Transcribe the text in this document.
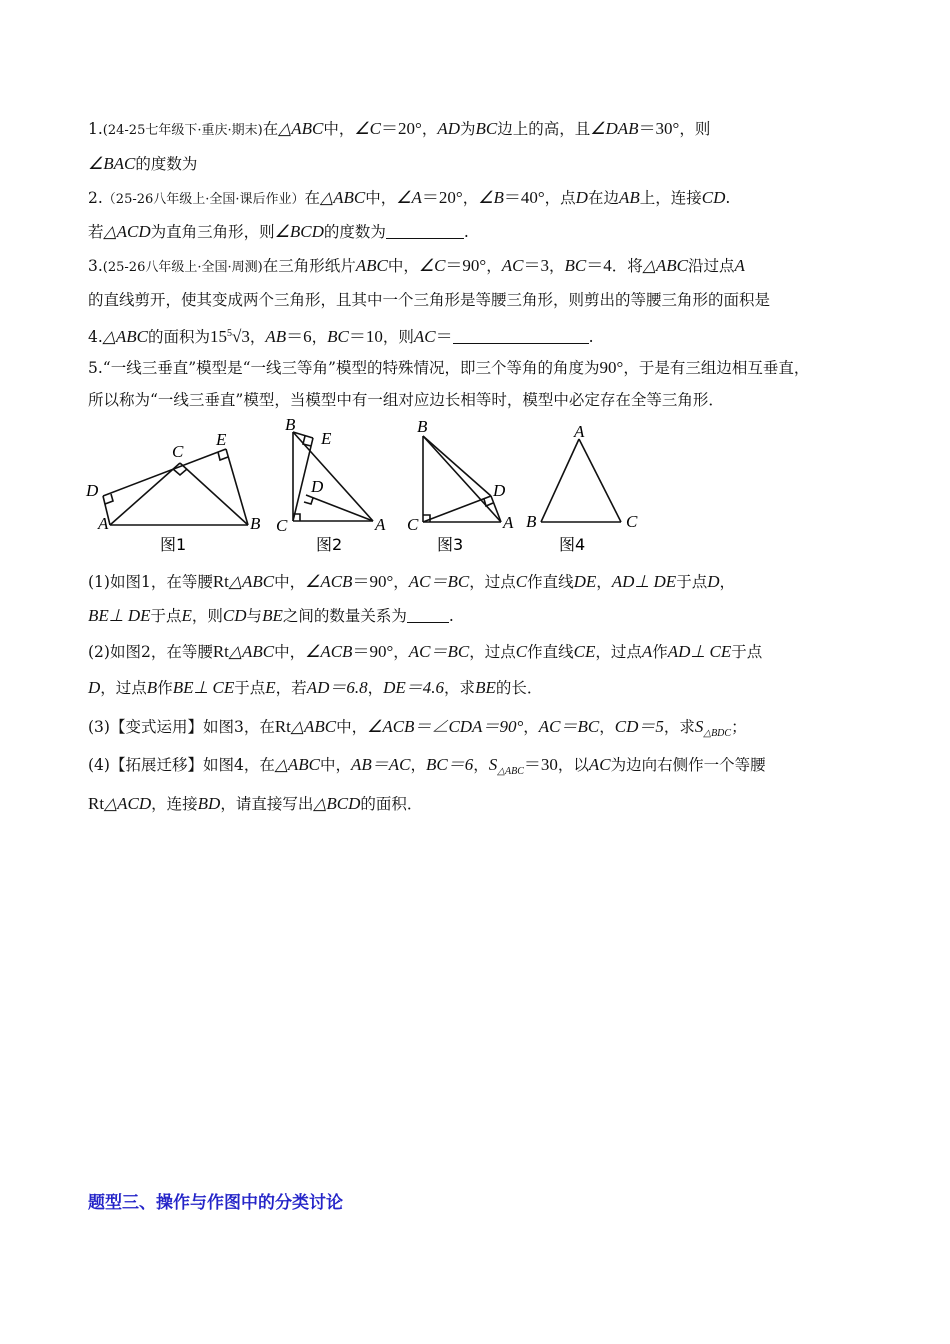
1.(24-25七年级下·重庆·期末)在△ABC中，∠C＝20°，AD为BC边上的高，且∠DAB＝30°，则
∠BAC的度数为
2.（25-26八年级上·全国·课后作业）在△ABC中，∠A＝20°，∠B＝40°，点D在边AB上，连接CD.
若△ACD为直角三角形，则∠BCD的度数为	.
3.(25-26八年级上·全国·周测)在三角形纸片ABC中，∠C＝90°，AC＝3，BC＝4．将△ABC沿过点A
的直线剪开，使其变成两个三角形，且其中一个三角形是等腰三角形，则剪出的等腰三角形的面积是
4.△ABC的面积为$15^5√3$，AB＝6，BC＝10，则AC＝	.
5.“一线三垂直”模型是“一线三等角”模型的特殊情况，即三个等角的角度为90°，于是有三组边相互垂直，
所以称为“一线三垂直”模型，当模型中有一组对应边长相等时，模型中必定存在全等三角形．
A	B
C
D
E
图1
B
E
D
C	A
图2
B
D
C	A
图3
A
B	C
图4
(1)如图1，在等腰Rt△ABC中，∠ACB＝90°，AC＝BC，过点C作直线DE，AD⊥ DE于点D，
BE⊥ DE于点E，则CD与BE之间的数量关系为	.
(2)如图2，在等腰Rt△ABC中，∠ACB＝90°，AC＝BC，过点C作直线CE，过点A作AD⊥ CE于点
D，过点B作BE⊥ CE于点E，若AD＝6.8，DE＝4.6，求BE的长．
(3)【变式运用】如图3，在Rt△ABC中，∠ACB＝∠CDA＝90°，AC＝BC，CD＝5，求$S_{\triangle BDC}$；
(4)【拓展迁移】如图4，在△ABC中，AB＝AC，BC＝6，$S_{\triangle ABC}=30$，以AC为边向右侧作一个等腰
Rt△ACD，连接BD，请直接写出△BCD的面积．
题型三、操作与作图中的分类讨论
